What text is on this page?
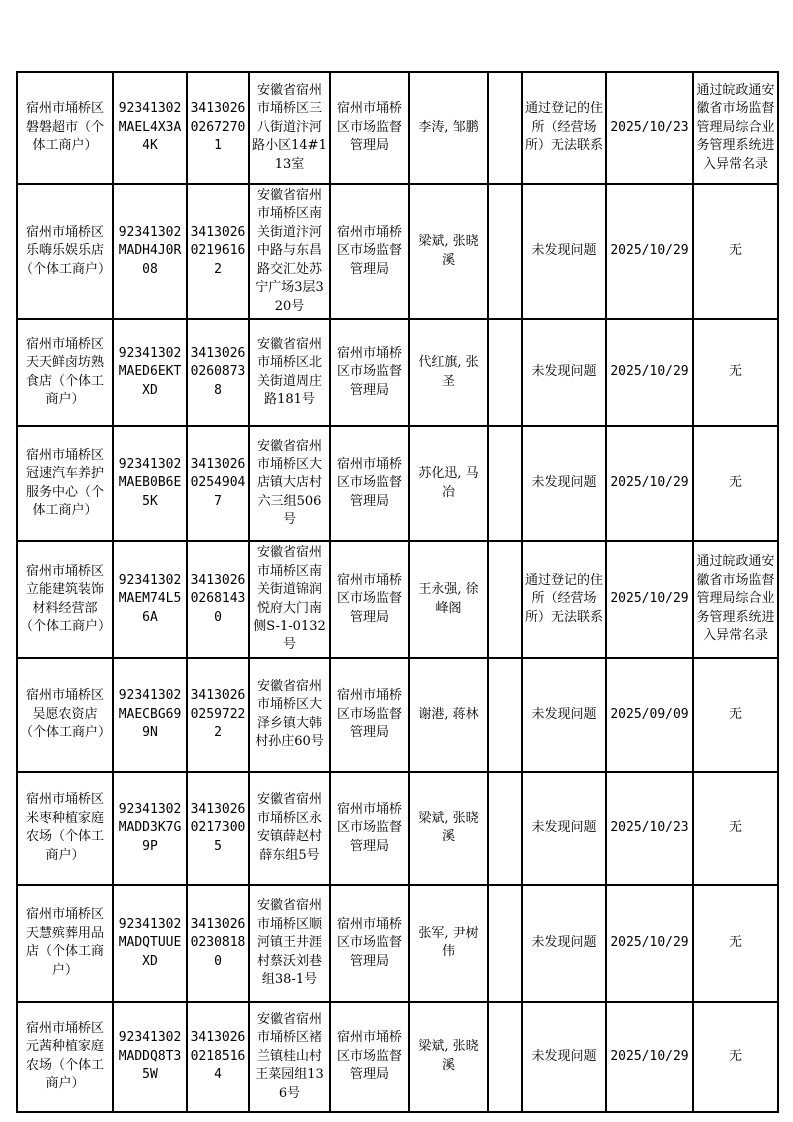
宿州市埇桥区磐磐超市（个体工商户）	92341302MAEL4X3A4K	341302602672701	安徽省宿州市埇桥区三八街道汴河路小区14#113室	宿州市埇桥区市场监督管理局	李涛, 邹鹏		通过登记的住所（经营场所）无法联系	2025/10/23	通过皖政通安徽省市场监督管理局综合业务管理系统进入异常名录
宿州市埇桥区乐嗨乐娱乐店（个体工商户）	92341302MADH4J0R08	341302602196162	安徽省宿州市埇桥区南关街道汴河中路与东昌路交汇处苏宁广场3层320号	宿州市埇桥区市场监督管理局	梁斌, 张晓溪		未发现问题	2025/10/29	无
宿州市埇桥区天天鲜卤坊熟食店（个体工商户）	92341302MAED6EKTXD	341302602608738	安徽省宿州市埇桥区北关街道周庄路181号	宿州市埇桥区市场监督管理局	代红旗, 张圣		未发现问题	2025/10/29	无
宿州市埇桥区冠速汽车养护服务中心（个体工商户）	92341302MAEB0B6E5K	341302602549047	安徽省宿州市埇桥区大店镇大店村六三组506号	宿州市埇桥区市场监督管理局	苏化迅, 马冶		未发现问题	2025/10/29	无
宿州市埇桥区立能建筑装饰材料经营部（个体工商户）	92341302MAEM74L56A	341302602681430	安徽省宿州市埇桥区南关街道锦润悦府大门南侧S-1-0132号	宿州市埇桥区市场监督管理局	王永强, 徐峰阁		通过登记的住所（经营场所）无法联系	2025/10/29	通过皖政通安徽省市场监督管理局综合业务管理系统进入异常名录
宿州市埇桥区吴愿农资店（个体工商户）	92341302MAECBG699N	341302602597222	安徽省宿州市埇桥区大泽乡镇大韩村孙庄60号	宿州市埇桥区市场监督管理局	谢港, 蒋林		未发现问题	2025/09/09	无
宿州市埇桥区米枣种植家庭农场（个体工商户）	92341302MADD3K7G9P	341302602173005	安徽省宿州市埇桥区永安镇薛赵村薛东组5号	宿州市埇桥区市场监督管理局	梁斌, 张晓溪		未发现问题	2025/10/23	无
宿州市埇桥区天慧殡葬用品店（个体工商户）	92341302MADQTUUEXD	341302602308180	安徽省宿州市埇桥区顺河镇王井涯村蔡沃刘巷组38-1号	宿州市埇桥区市场监督管理局	张军, 尹树伟		未发现问题	2025/10/29	无
宿州市埇桥区元茜种植家庭农场（个体工商户）	92341302MADDQ8T35W	341302602185164	安徽省宿州市埇桥区褚兰镇桂山村王菜园组136号	宿州市埇桥区市场监督管理局	梁斌, 张晓溪		未发现问题	2025/10/29	无
